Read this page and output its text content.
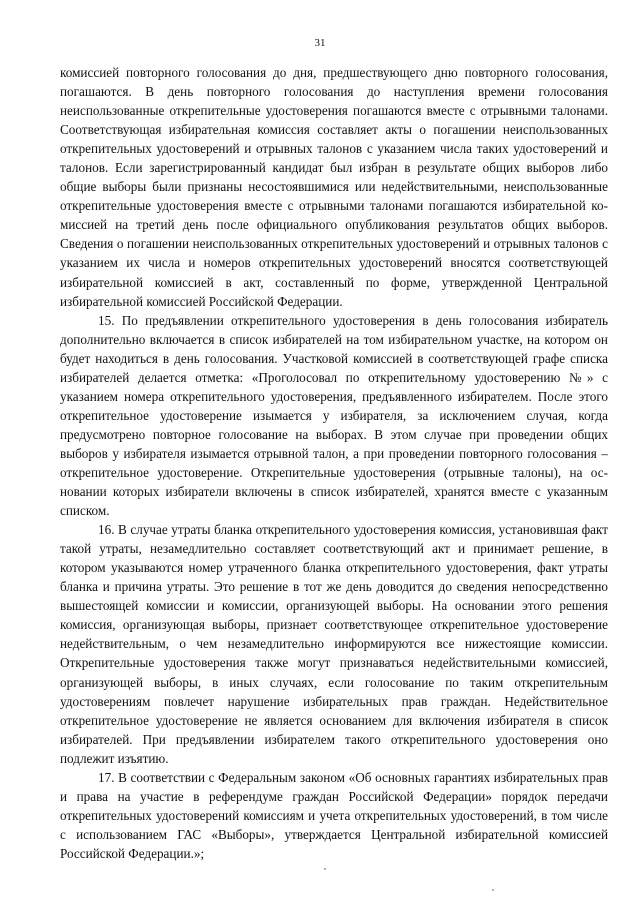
31

комиссией повторного голосования до дня, предшествующего дню повторного голосования, погашаются. В день повторного голосования до наступления времени голосования неиспользованные открепительные удостоверения погашаются вместе с отрывными талонами. Соответствующая избирательная комиссия составляет акты о погашении неиспользованных открепительных удостоверений и отрывных талонов с указанием числа таких удостоверений и талонов. Если зарегистрированный кандидат был избран в результате общих выборов либо общие выборы были признаны несостоявшимися или недействительными, неиспользованные открепительные удостоверения вместе с отрывными талонами погашаются избирательной комиссией на третий день после официального опубликования результатов общих выборов. Сведения о погашении неиспользованных открепительных удостоверений и отрывных талонов с указанием их числа и номеров открепительных удостоверений вносятся соответствующей избирательной комиссией в акт, составленный по форме, утвержденной Центральной избирательной комиссией Российской Федерации.

15. По предъявлении открепительного удостоверения в день голосования избиратель дополнительно включается в список избирателей на том избирательном участке, на котором он будет находиться в день голосования. Участковой комиссией в соответствующей графе списка избирателей делается отметка: «Проголосовал по открепительному удостоверению №» с указанием номера открепительного удостоверения, предъявленного избирателем. После этого открепительное удостоверение изымается у избирателя, за исключением случая, когда предусмотрено повторное голосование на выборах. В этом случае при проведении общих выборов у избирателя изымается отрывной талон, а при проведении повторного голосования – открепительное удостоверение. Открепительные удостоверения (отрывные талоны), на основании которых избиратели включены в список избирателей, хранятся вместе с указанным списком.

16. В случае утраты бланка открепительного удостоверения комиссия, установившая факт такой утраты, незамедлительно составляет соответствующий акт и принимает решение, в котором указываются номер утраченного бланка открепительного удостоверения, факт утраты бланка и причина утраты. Это решение в тот же день доводится до сведения непосредственно вышестоящей комиссии и комиссии, организующей выборы. На основании этого решения комиссия, организующая выборы, признает соответствующее открепительное удостоверение недействительным, о чем незамедлительно информируются все нижестоящие комиссии. Открепительные удостоверения также могут признаваться недействительными комиссией, организующей выборы, в иных случаях, если голосование по таким открепительным удостоверениям повлечет нарушение избирательных прав граждан. Недействительное открепительное удостоверение не является основанием для включения избирателя в список избирателей. При предъявлении избирателем такого открепительного удостоверения оно подлежит изъятию.

17. В соответствии с Федеральным законом «Об основных гарантиях избирательных прав и права на участие в референдуме граждан Российской Федерации» порядок передачи открепительных удостоверений комиссиям и учета открепительных удостоверений, в том числе с использованием ГАС «Выборы», утверждается Центральной избирательной комиссией Российской Федерации.»;
